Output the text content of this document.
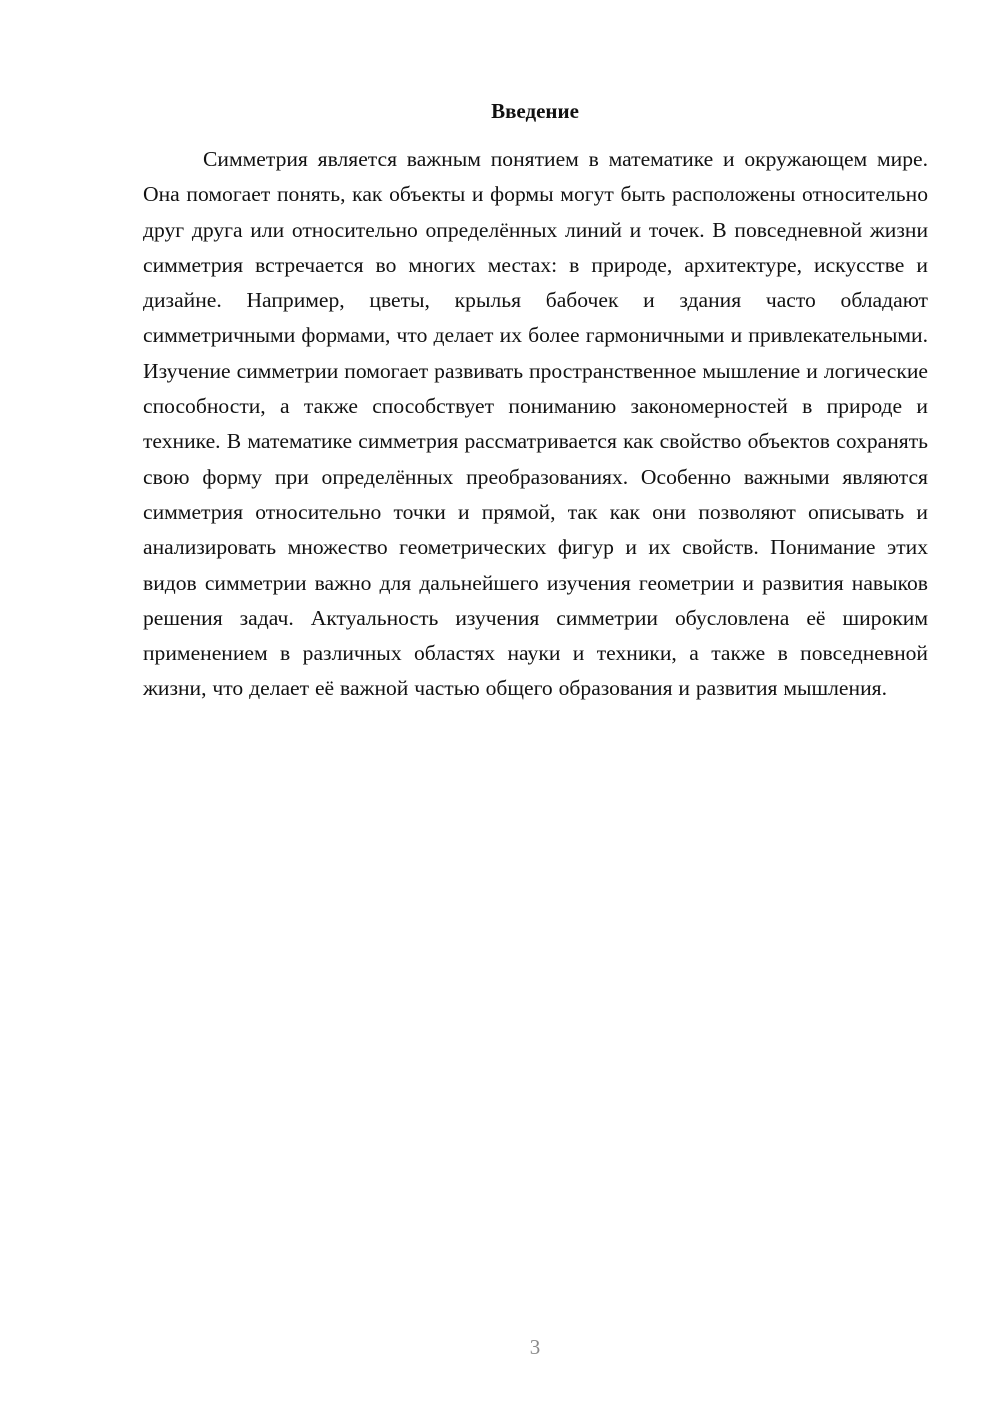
Введение

Симметрия является важным понятием в математике и окружающем мире. Она помогает понять, как объекты и формы могут быть расположены относительно друг друга или относительно определённых линий и точек. В повседневной жизни симметрия встречается во многих местах: в природе, архитектуре, искусстве и дизайне. Например, цветы, крылья бабочек и здания часто обладают симметричными формами, что делает их более гармоничными и привлекательными. Изучение симметрии помогает развивать пространственное мышление и логические способности, а также способствует пониманию закономерностей в природе и технике. В математике симметрия рассматривается как свойство объектов сохранять свою форму при определённых преобразованиях. Особенно важными являются симметрия относительно точки и прямой, так как они позволяют описывать и анализировать множество геометрических фигур и их свойств. Понимание этих видов симметрии важно для дальнейшего изучения геометрии и развития навыков решения задач. Актуальность изучения симметрии обусловлена её широким применением в различных областях науки и техники, а также в повседневной жизни, что делает её важной частью общего образования и развития мышления.

3
